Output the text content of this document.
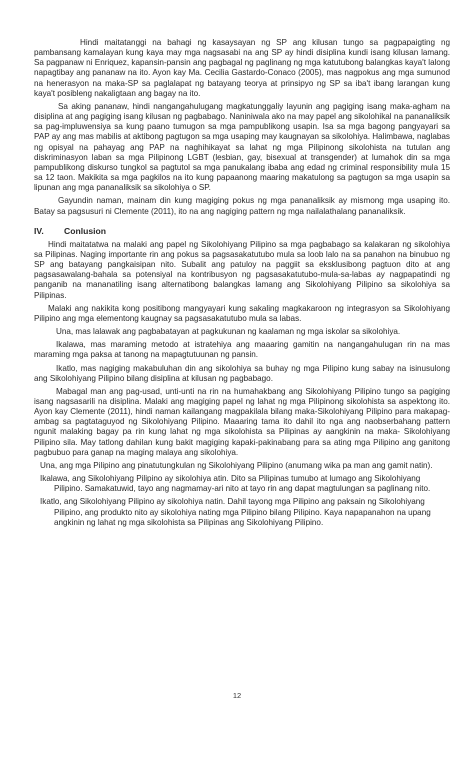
Hindi maitatanggi na bahagi ng kasaysayan ng SP ang kilusan tungo sa pagpapaigting ng pambansang kamalayan kung kaya may mga nagsasabi na ang SP ay hindi disiplina kundi isang kilusan lamang. Sa pagpanaw ni Enriquez, kapansin-pansin ang pagbagal ng paglinang ng mga katutubong balangkas kaya't lalong napagtibay ang pananaw na ito. Ayon kay Ma. Cecilia Gastardo-Conaco (2005), mas nagpokus ang mga sumunod na henerasyon na maka-SP sa paglalapat ng batayang teorya at prinsipyo ng SP sa iba't ibang larangan kung kaya't posibleng nakaligtaan ang bagay na ito.

Sa aking pananaw, hindi nangangahulugang magkatunggaliy layunin ang pagiging isang maka-agham na disiplina at ang pagiging isang kilusan ng pagbabago. Naniniwala ako na may papel ang sikolohikal na pananaliksik sa pag-impluwensiya sa kung paano tumugon sa mga pampublikong usapin. Isa sa mga bagong pangyayari sa PAP ay ang mas mabilis at aktibong pagtugon sa mga usaping may kaugnayan sa sikolohiya. Halimbawa, naglabas ng opisyal na pahayag ang PAP na naghihikayat sa lahat ng mga Pilipinong sikolohista na tutulan ang diskriminasyon laban sa mga Pilipinong LGBT (lesbian, gay, bisexual at transgender) at lumahok din sa mga pampublikong diskurso tungkol sa pagtutol sa mga panukalang ibaba ang edad ng criminal responsibility mula 15 sa 12 taon. Makikita sa mga pagkilos na ito kung papaanong maaring makatulong sa pagtugon sa mga usapin sa lipunan ang mga pananaliksik sa sikolohiya o SP.

Gayundin naman, mainam din kung magiging pokus ng mga pananaliksik ay mismong mga usaping ito. Batay sa pagsusuri ni Clemente (2011), ito na ang nagiging pattern ng mga nailalathalang pananaliksik.

IV.	Conlusion

Hindi maitatatwa na malaki ang papel ng Sikolohiyang Pilipino sa mga pagbabago sa kalakaran ng sikolohiya sa Pilipinas. Naging importante rin ang pokus sa pagsasakatutubo mula sa loob lalo na sa panahon na binubuo ng SP ang batayang pangkaisipan nito. Subalit ang patuloy na paggiit sa eksklusibong pagtuon dito at ang pagsasawalang-bahala sa potensiyal na kontribusyon ng pagsasakatutubo-mula-sa-labas ay nagpapatindi ng panganib na mananatiling isang alternatibong balangkas lamang ang Sikolohiyang Pilipino sa sikolohiya sa Pilipinas.

Malaki ang nakikita kong positibong mangyayari kung sakaling magkakaroon ng integrasyon sa Sikolohiyang Pilipino ang mga elementong kaugnay sa pagsasakatutubo mula sa labas.

Una, mas lalawak ang pagbabatayan at pagkukunan ng kaalaman ng mga iskolar sa sikolohiya.

Ikalawa, mas maraming metodo at istratehiya ang maaaring gamitin na nangangahulugan rin na mas maraming mga paksa at tanong na mapagtutuunan ng pansin.

Ikatlo, mas nagiging makabuluhan din ang sikolohiya sa buhay ng mga Pilipino kung sabay na isinusulong ang Sikolohiyang Pilipino bilang disiplina at kilusan ng pagbabago.

Mabagal man ang pag-usad, unti-unti na rin na humahakbang ang Sikolohiyang Pilipino tungo sa pagiging isang nagsasarili na disiplina. Malaki ang magiging papel ng lahat ng mga Pilipinong sikolohista sa aspektong ito. Ayon kay Clemente (2011), hindi naman kailangang magpakilala bilang maka-Sikolohiyang Pilipino para makapag-ambag sa pagtataguyod ng Sikolohiyang Pilipino. Maaaring tama ito dahil ito nga ang naobserbahang pattern ngunit malaking bagay pa rin kung lahat ng mga sikolohista sa Pilipinas ay aangkinin na maka- Sikolohiyang Pilipino sila. May tatlong dahilan kung bakit magiging kapaki-pakinabang para sa ating mga Pilipino ang ganitong pagbubuo para ganap na maging malaya ang sikolohiya.

Una, ang mga Pilipino ang pinatutungkulan ng Sikolohiyang Pilipino (anumang wika pa man ang gamit natin).

Ikalawa, ang Sikolohiyang Pilipino ay sikolohiya atin. Dito sa Pilipinas tumubo at lumago ang Sikolohiyang Pilipino. Samakatuwid, tayo ang nagmamay-ari nito at tayo rin ang dapat magtulungan sa paglinang nito.

Ikatlo, ang Sikolohiyang Pilipino ay sikolohiya natin. Dahil tayong mga Pilipino ang paksain ng Sikolohiyang Pilipino, ang produkto nito ay sikolohiya nating mga Pilipino bilang Pilipino. Kaya napapanahon na upang angkinin ng lahat ng mga sikolohista sa Pilipinas ang Sikolohiyang Pilipino.

12
